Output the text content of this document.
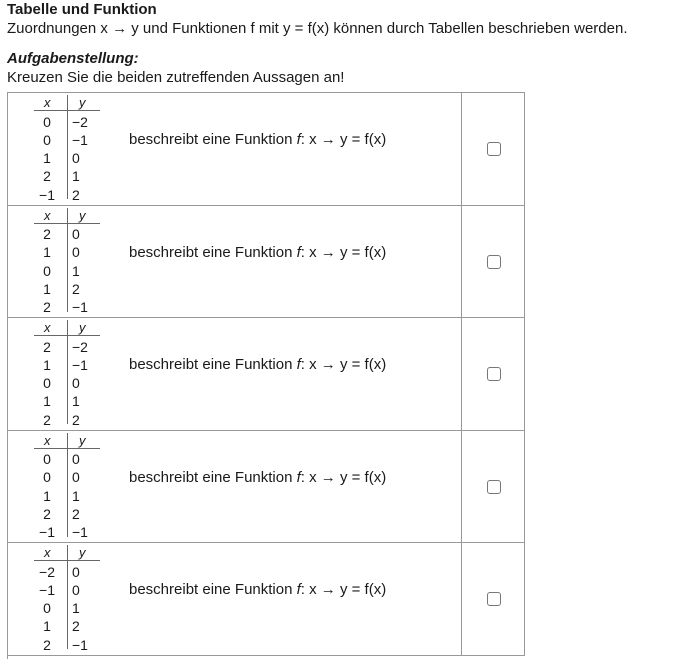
Tabelle und Funktion
Zuordnungen x → y und Funktionen f mit y = f(x) können durch Tabellen beschrieben werden.
Aufgabenstellung:
Kreuzen Sie die beiden zutreffenden Aussagen an!
x y
0	−2
0	−1
1	0
2	1
−1	2
beschreibt eine Funktion f: x → y = f(x)
x y
2	0
1	0
0	1
1	2
2	−1
beschreibt eine Funktion f: x → y = f(x)
x y
2	−2
1	−1
0	0
1	1
2	2
beschreibt eine Funktion f: x → y = f(x)
x y
0	0
0	0
1	1
2	2
−1	−1
beschreibt eine Funktion f: x → y = f(x)
x y
−2	0
−1	0
0	1
1	2
2	−1
beschreibt eine Funktion f: x → y = f(x)
